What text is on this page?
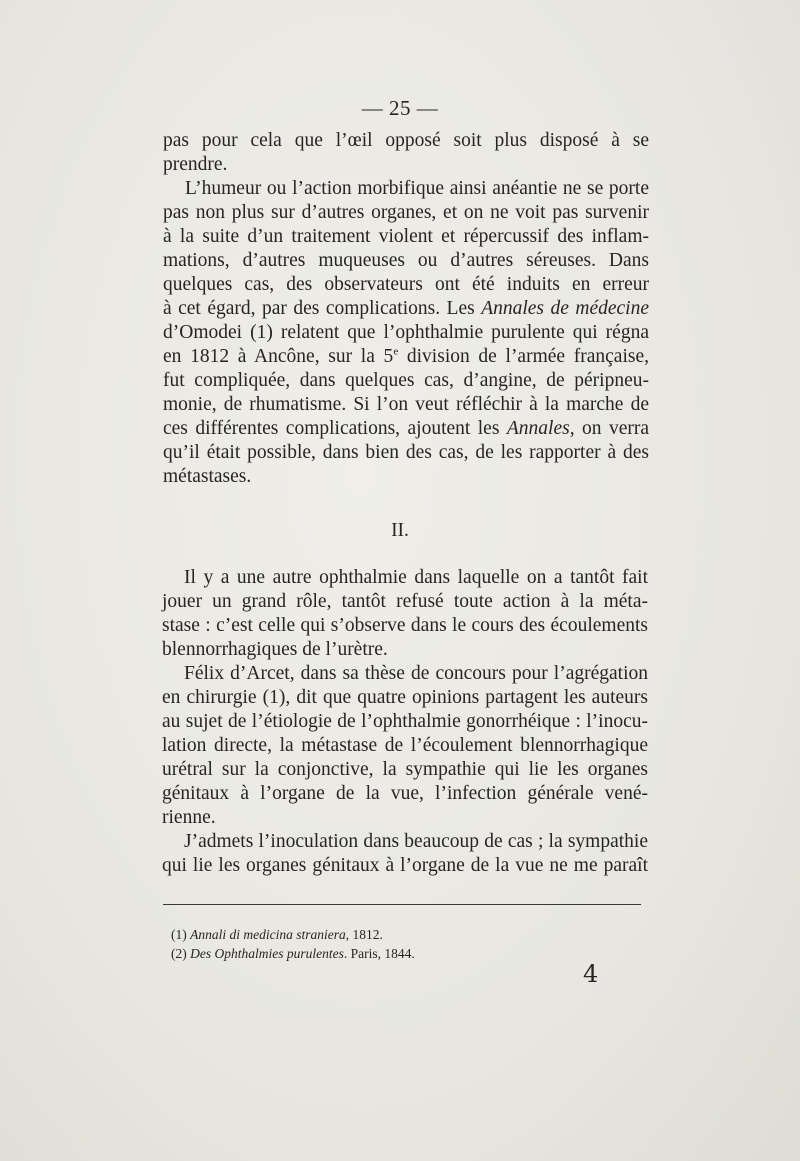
— 25 —
pas pour cela que l’œil opposé soit plus disposé à se
prendre.
L’humeur ou l’action morbifique ainsi anéantie ne se porte
pas non plus sur d’autres organes, et on ne voit pas survenir
à la suite d’un traitement violent et répercussif des inflam-
mations, d’autres muqueuses ou d’autres séreuses. Dans
quelques cas, des observateurs ont été induits en erreur
à cet égard, par des complications. Les Annales de médecine
d’Omodei (1) relatent que l’ophthalmie purulente qui régna
en 1812 à Ancône, sur la 5e division de l’armée française,
fut compliquée, dans quelques cas, d’angine, de péripneu-
monie, de rhumatisme. Si l’on veut réfléchir à la marche de
ces différentes complications, ajoutent les Annales, on verra
qu’il était possible, dans bien des cas, de les rapporter à des
métastases.
II.
Il y a une autre ophthalmie dans laquelle on a tantôt fait
jouer un grand rôle, tantôt refusé toute action à la méta-
stase : c’est celle qui s’observe dans le cours des écoulements
blennorrhagiques de l’urètre.
Félix d’Arcet, dans sa thèse de concours pour l’agrégation
en chirurgie (1), dit que quatre opinions partagent les auteurs
au sujet de l’étiologie de l’ophthalmie gonorrhéique : l’inocu-
lation directe, la métastase de l’écoulement blennorrhagique
urétral sur la conjonctive, la sympathie qui lie les organes
génitaux à l’organe de la vue, l’infection générale vené-
rienne.
J’admets l’inoculation dans beaucoup de cas ; la sympathie
qui lie les organes génitaux à l’organe de la vue ne me paraît
(1) Annali di medicina straniera, 1812.
(2) Des Ophthalmies purulentes. Paris, 1844.
4
